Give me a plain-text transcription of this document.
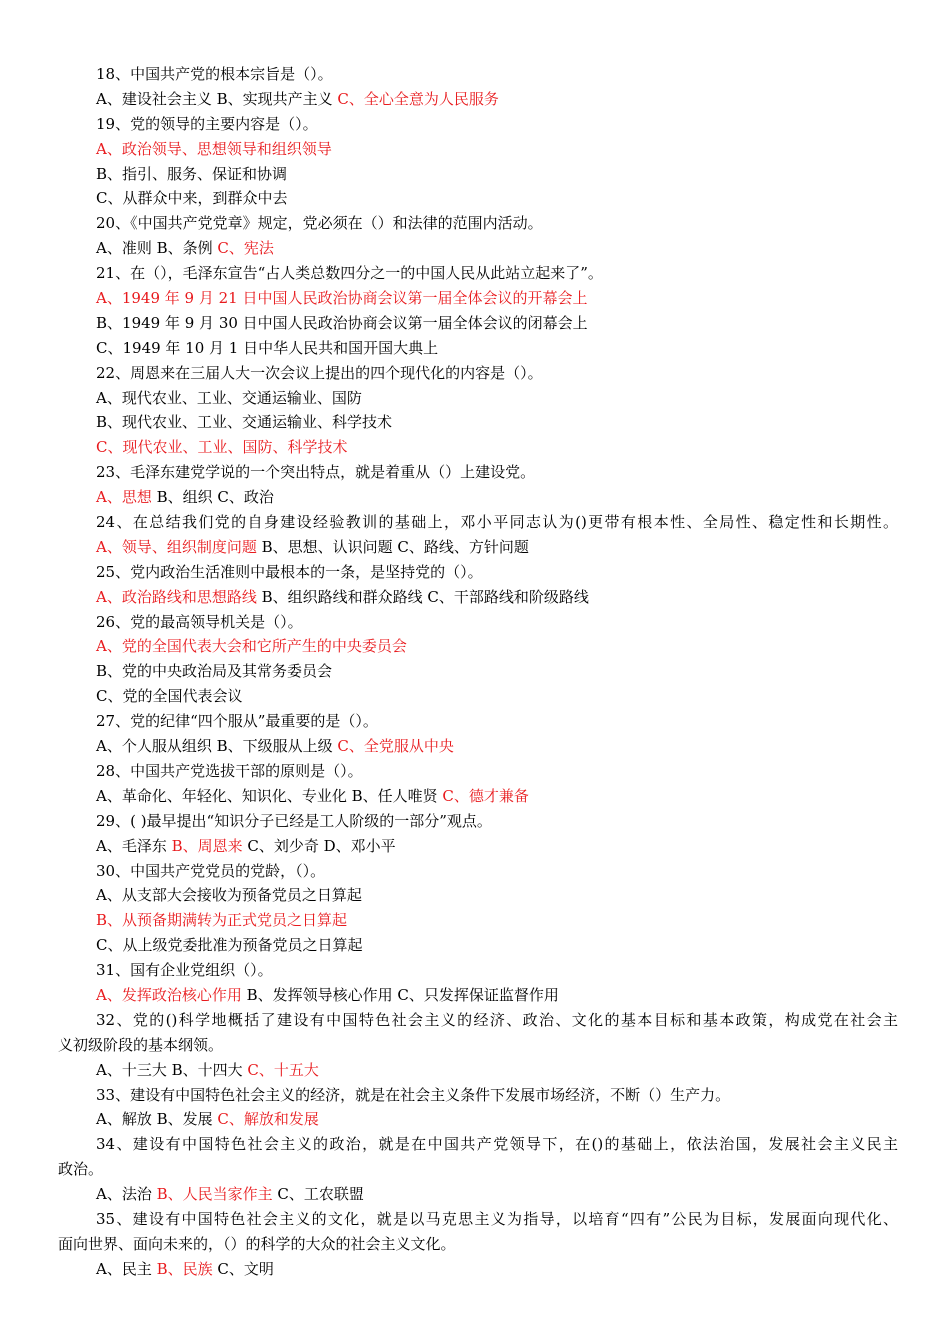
18、中国共产党的根本宗旨是（）。
A、建设社会主义 B、实现共产主义 C、全心全意为人民服务
19、党的领导的主要内容是（）。
A、政治领导、思想领导和组织领导
B、指引、服务、保证和协调
C、从群众中来，到群众中去
20、《中国共产党党章》规定，党必须在（）和法律的范围内活动。
A、准则 B、条例 C、宪法
21、在（），毛泽东宣告“占人类总数四分之一的中国人民从此站立起来了”。
A、1949 年 9 月 21 日中国人民政治协商会议第一届全体会议的开幕会上
B、1949 年 9 月 30 日中国人民政治协商会议第一届全体会议的闭幕会上
C、1949 年 10 月 1 日中华人民共和国开国大典上
22、周恩来在三届人大一次会议上提出的四个现代化的内容是（）。
A、现代农业、工业、交通运输业、国防
B、现代农业、工业、交通运输业、科学技术
C、现代农业、工业、国防、科学技术
23、毛泽东建党学说的一个突出特点，就是着重从（）上建设党。
A、思想 B、组织 C、政治
24、在总结我们党的自身建设经验教训的基础上，邓小平同志认为()更带有根本性、全局性、稳定性和长期性。
A、领导、组织制度问题 B、思想、认识问题 C、路线、方针问题
25、党内政治生活准则中最根本的一条，是坚持党的（）。
A、政治路线和思想路线 B、组织路线和群众路线 C、干部路线和阶级路线
26、党的最高领导机关是（）。
A、党的全国代表大会和它所产生的中央委员会
B、党的中央政治局及其常务委员会
C、党的全国代表会议
27、党的纪律“四个服从”最重要的是（）。
A、个人服从组织 B、下级服从上级 C、全党服从中央
28、中国共产党选拔干部的原则是（）。
A、革命化、年轻化、知识化、专业化 B、任人唯贤 C、德才兼备
29、( )最早提出“知识分子已经是工人阶级的一部分”观点。
A、毛泽东 B、周恩来 C、刘少奇 D、邓小平
30、中国共产党党员的党龄，（）。
A、从支部大会接收为预备党员之日算起
B、从预备期满转为正式党员之日算起
C、从上级党委批准为预备党员之日算起
31、国有企业党组织（）。
A、发挥政治核心作用 B、发挥领导核心作用 C、只发挥保证监督作用
32、党的()科学地概括了建设有中国特色社会主义的经济、政治、文化的基本目标和基本政策，构成党在社会主
义初级阶段的基本纲领。
A、十三大 B、十四大 C、十五大
33、建设有中国特色社会主义的经济，就是在社会主义条件下发展市场经济，不断（）生产力。
A、解放 B、发展 C、解放和发展
34、建设有中国特色社会主义的政治，就是在中国共产党领导下，在()的基础上，依法治国，发展社会主义民主
政治。
A、法治 B、人民当家作主 C、工农联盟
35、建设有中国特色社会主义的文化，就是以马克思主义为指导，以培育“四有”公民为目标，发展面向现代化、
面向世界、面向未来的，（）的科学的大众的社会主义文化。
A、民主 B、民族 C、文明
